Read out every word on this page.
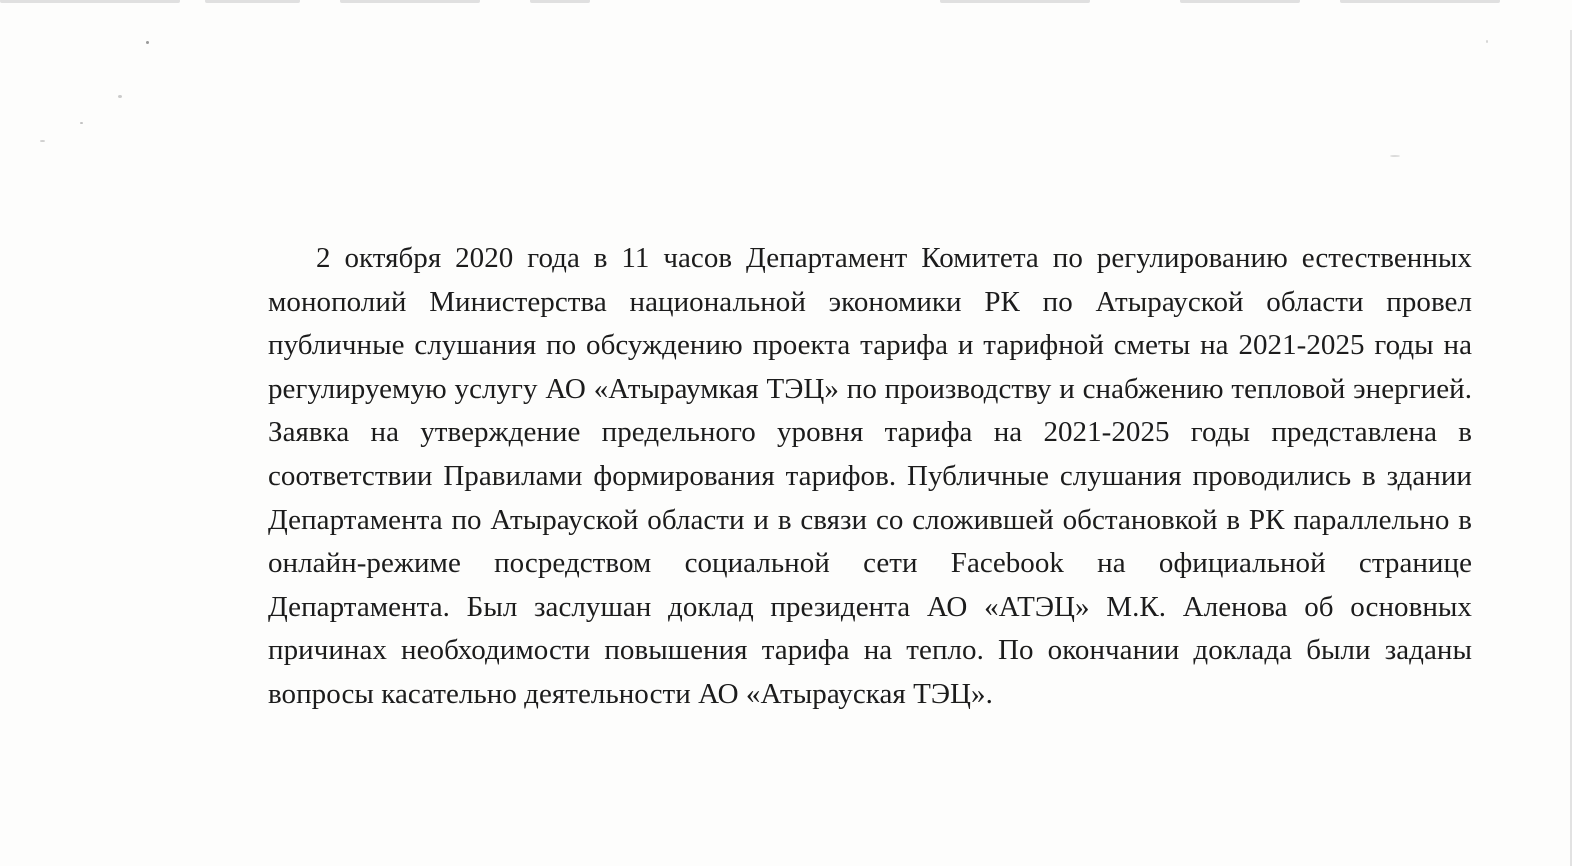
2 октября 2020 года в 11 часов Департамент Комитета по регулированию естественных монополий Министерства национальной экономики РК по Атырауской области провел публичные слушания по обсуждению проекта тарифа и тарифной сметы на 2021-2025 годы на регулируемую услугу АО «Атыраумкая ТЭЦ» по производству и снабжению тепловой энергией. Заявка на утверждение предельного уровня тарифа на 2021-2025 годы представлена в соответствии Правилами формирования тарифов. Публичные слушания проводились в здании Департамента по Атырауской области и в связи со сложившей обстановкой в РК параллельно в онлайн-режиме посредством социальной сети Facebook на официальной странице Департамента. Был заслушан доклад президента АО «АТЭЦ» М.К. Аленова об основных причинах необходимости повышения тарифа на тепло. По окончании доклада были заданы вопросы касательно деятельности АО «Атырауская ТЭЦ».
